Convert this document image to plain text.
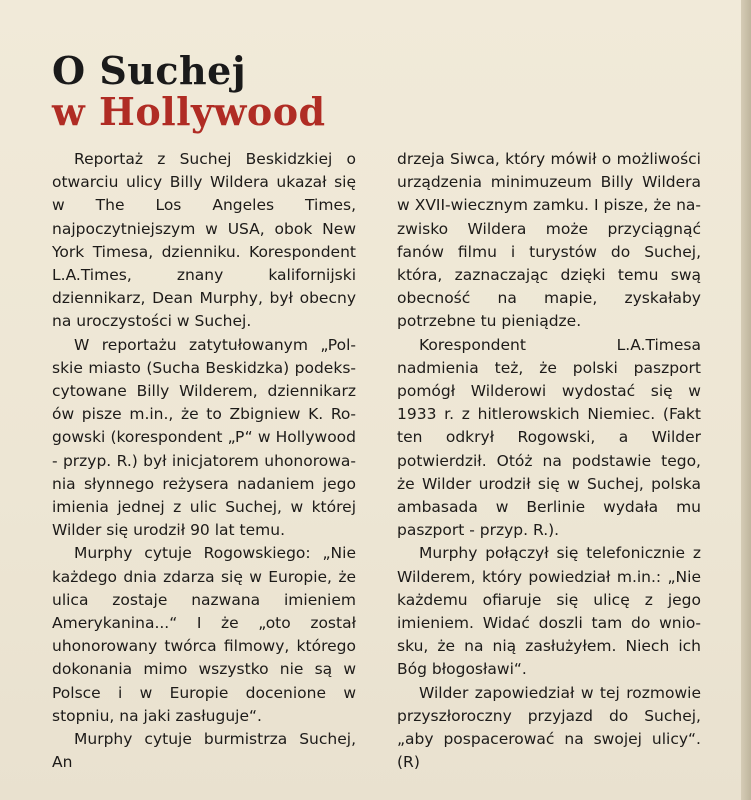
O Suchej
w Hollywood

Reportaż z Suchej Beskidzkiej o otwarciu ulicy Billy Wildera ukazał się w The Los Angeles Times, najpoczytniejszym w USA, obok New York Timesa, dzienniku. Korespondent L.A.Times, znany kalifornijski dziennikarz, Dean Murphy, był obecny na uroczystości w Suchej.

W reportażu zatytułowanym „Polskie miasto (Sucha Beskidzka) podekscytowane Billy Wilderem, dziennikarz ów pisze m.in., że to Zbigniew K. Rogowski (korespondent „P“ w Hollywood - przyp. R.) był inicjatorem uhonorowania słynnego reżysera nadaniem jego imienia jednej z ulic Suchej, w której Wilder się urodził 90 lat temu.

Murphy cytuje Rogowskiego: „Nie każdego dnia zdarza się w Europie, że ulica zostaje nazwana imieniem Amerykanina...“ I że „oto został uhonorowany twórca filmowy, którego dokonania mimo wszystko nie są w Polsce i w Europie docenione w stopniu, na jaki zasługuje“.

Murphy cytuje burmistrza Suchej, An

drzeja Siwca, który mówił o możliwości urządzenia minimuzeum Billy Wildera w XVII-wiecznym zamku. I pisze, że nazwisko Wildera może przyciągnąć fanów filmu i turystów do Suchej, która, zaznaczając dzięki temu swą obecność na mapie, zyskałaby potrzebne tu pieniądze.

Korespondent L.A.Timesa nadmienia też, że polski paszport pomógł Wilderowi wydostać się w 1933 r. z hitlerowskich Niemiec. (Fakt ten odkrył Rogowski, a Wilder potwierdził. Otóż na podstawie tego, że Wilder urodził się w Suchej, polska ambasada w Berlinie wydała mu paszport - przyp. R.).

Murphy połączył się telefonicznie z Wilderem, który powiedział m.in.: „Nie każdemu ofiaruje się ulicę z jego imieniem. Widać doszli tam do wniosku, że na nią zasłużyłem. Niech ich Bóg błogosławi“.

Wilder zapowiedział w tej rozmowie przyszłoroczny przyjazd do Suchej, „aby pospacerować na swojej ulicy“. (R)
